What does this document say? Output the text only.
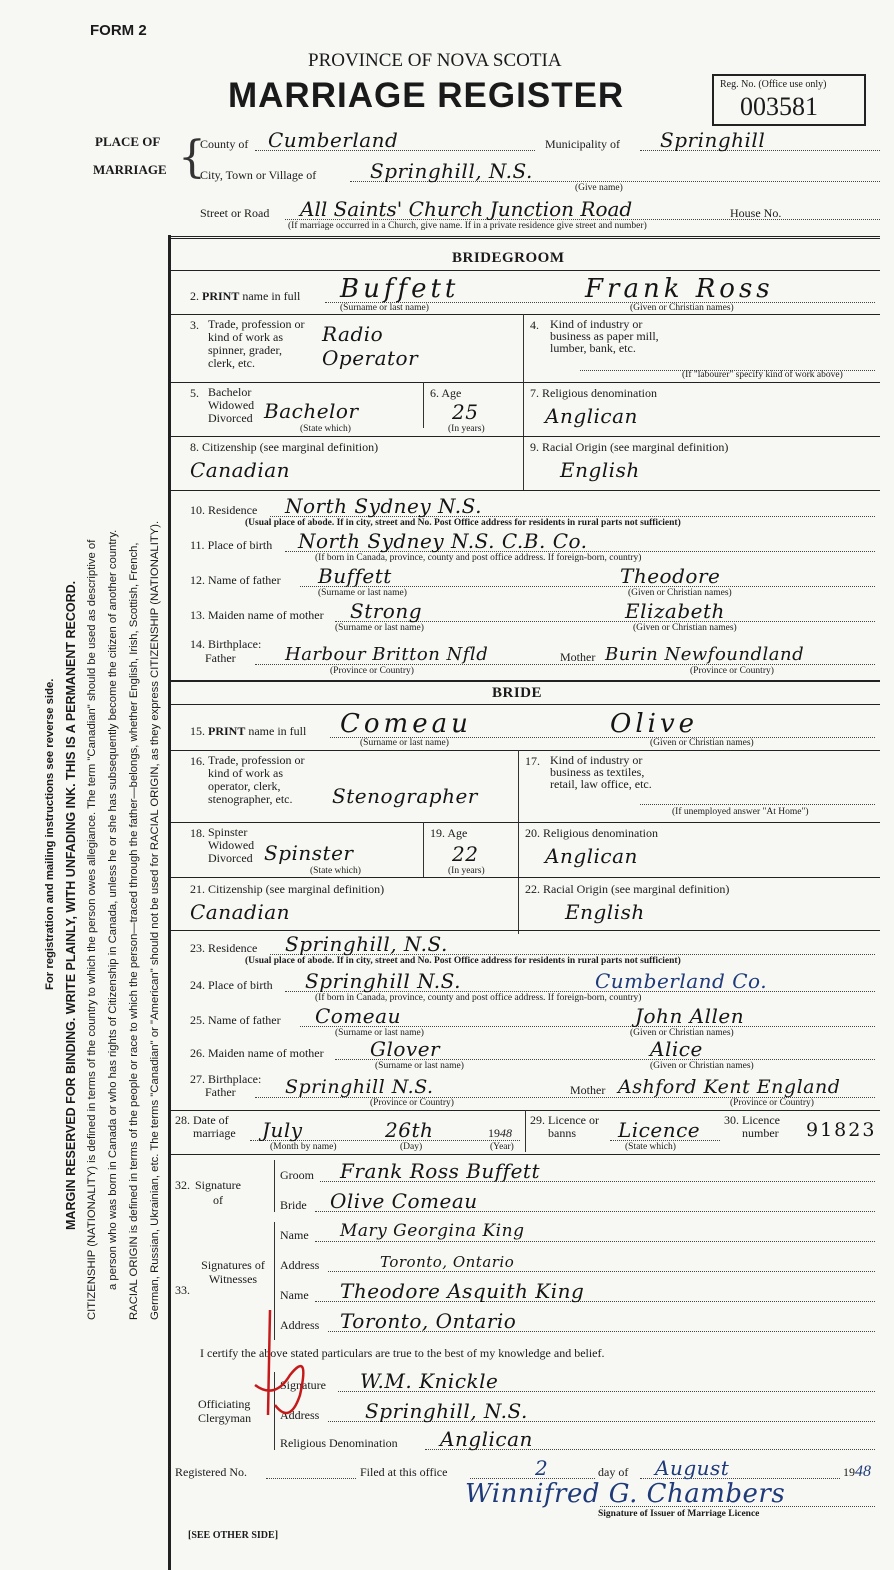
FORM 2
PROVINCE OF NOVA SCOTIA
MARRIAGE REGISTER	Reg. No. (Office use only)
003581
PLACE OF
MARRIAGE {
County of Cumberland	Municipality of Springhill
City, Town or Village of	Springhill, N.S.
(Give name)
Street or Road All Saints' Church Junction Road	House No.
(If marriage occurred in a Church, give name. If in a private residence give street and number)
For registration and mailing instructions see reverse side. MARGIN RESERVED FOR BINDING. WRITE PLAINLY, WITH UNFADING INK. THIS IS A PERMANENT RECORD. CITIZENSHIP (NATIONALITY) is defined in terms of the country to which the person owes allegiance. The term "Canadian" should be used as descriptive of a person who was born in Canada or who has rights of Citizenship in Canada, unless he or she has subsequently become the citizen of another country. RACIAL ORIGIN is defined in terms of the people or race to which the person—traced through the father—belongs, whether English, Irish, Scottish, French, German, Russian, Ukrainian, etc. The terms "Canadian" or "American" should not be used for RACIAL ORIGIN, as they express CITIZENSHIP (NATIONALITY).
BRIDEGROOM
2. PRINT name in full Buffett	Frank Ross
(Surname or last name)	(Given or Christian names)
3. Trade, profession or kind of work as spinner, grader, clerk, etc.
Radio Operator
4. Kind of industry or business as paper mill, lumber, bank, etc.
(If "labourer" specify kind of work above)
5. Bachelor Widowed Divorced Bachelor
(State which)
6. Age
25
(In years)
7. Religious denomination
Anglican
8. Citizenship (see marginal definition)
Canadian
9. Racial Origin (see marginal definition)
English
10. Residence North Sydney N.S.
(Usual place of abode. If in city, street and No. Post Office address for residents in rural parts not sufficient)
11. Place of birth North Sydney N.S. C.B. Co.
(If born in Canada, province, county and post office address. If foreign-born, country)
12. Name of father Buffett	Theodore
(Surname or last name)	(Given or Christian names)
13. Maiden name of mother Strong	Elizabeth
(Surname or last name)	(Given or Christian names)
14. Birthplace:
Father	Harbour Britton Nfld	Mother Burin Newfoundland
(Province or Country)	(Province or Country)
BRIDE
15. PRINT name in full Comeau	Olive
(Surname or last name)	(Given or Christian names)
16. Trade, profession or kind of work as operator, clerk, stenographer, etc.	Stenographer
17. Kind of industry or business as textiles, retail, law office, etc.
(If unemployed answer "At Home")
18. Spinster Widowed Divorced Spinster
(State which)
19. Age
22
(In years)
20. Religious denomination
Anglican
21. Citizenship (see marginal definition)
Canadian
22. Racial Origin (see marginal definition)
English
23. Residence Springhill, N.S.
(Usual place of abode. If in city, street and No. Post Office address for residents in rural parts not sufficient)
24. Place of birth Springhill N.S.	Cumberland Co.
(If born in Canada, province, county and post office address. If foreign-born, country)
25. Name of father Comeau	John Allen
(Surname or last name)	(Given or Christian names)
26. Maiden name of mother Glover	Alice
(Surname or last name)	(Given or Christian names)
27. Birthplace:
Father	Springhill N.S.	Mother Ashford Kent England
(Province or Country)	(Province or Country)
28. Date of marriage	July	26th	1948
(Month by name)	(Day)	(Year)
29. Licence or banns	Licence
(State which)
30. Licence number	91823
32. Signature of
Groom Frank Ross Buffett
Bride Olive Comeau
33.
Signatures of Witnesses
Name Mary Georgina King
Address	Toronto, Ontario
Name Theodore Asquith King
Address Toronto, Ontario
I certify the above stated particulars are true to the best of my knowledge and belief.
Officiating Clergyman
Signature W.M. Knickle
Address Springhill, N.S.
Religious Denomination Anglican
Registered No.	Filed at this office	2	day of August	1948
Winnifred G. Chambers
Signature of Issuer of Marriage Licence
[SEE OTHER SIDE]
